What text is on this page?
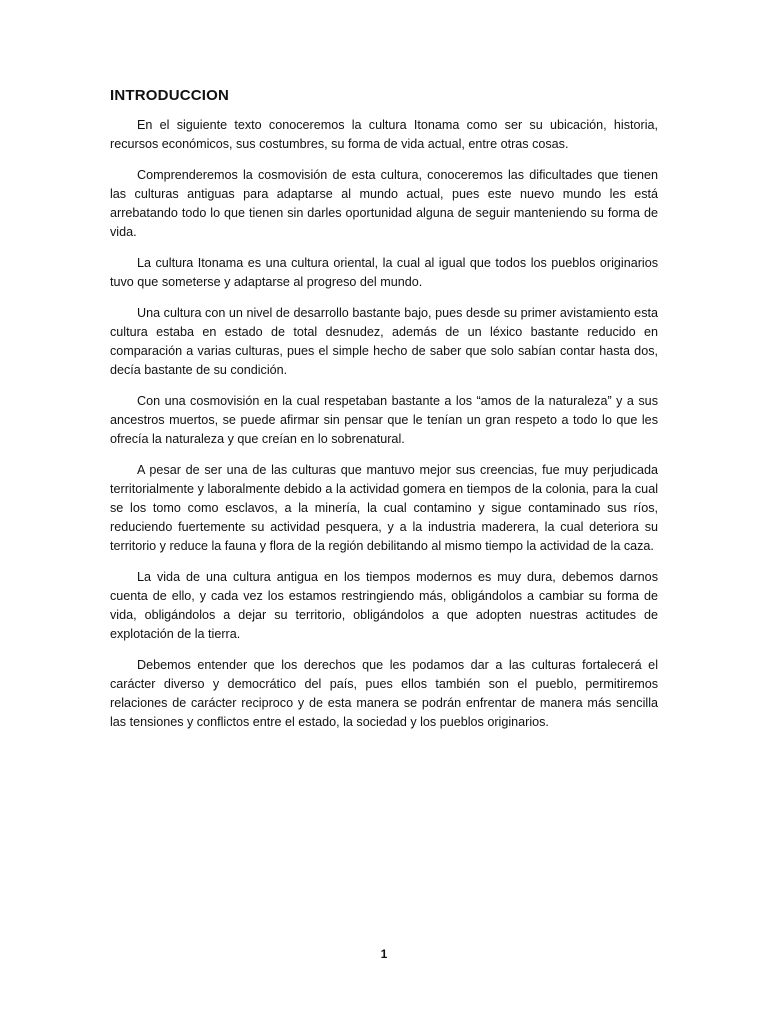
INTRODUCCION

En el siguiente texto conoceremos la cultura Itonama como ser su ubicación, historia, recursos económicos, sus costumbres, su forma de vida actual, entre otras cosas.

Comprenderemos la cosmovisión de esta cultura, conoceremos las dificultades que tienen las culturas antiguas para adaptarse al mundo actual, pues este nuevo mundo les está arrebatando todo lo que tienen sin darles oportunidad alguna de seguir manteniendo su forma de vida.

La cultura Itonama es una cultura oriental, la cual al igual que todos los pueblos originarios tuvo que someterse y adaptarse al progreso del mundo.

Una cultura con un nivel de desarrollo bastante bajo, pues desde su primer avistamiento esta cultura estaba en estado de total desnudez, además de un léxico bastante reducido en comparación a varias culturas, pues el simple hecho de saber que solo sabían contar hasta dos, decía bastante de su condición.

Con una cosmovisión en la cual respetaban bastante a los “amos de la naturaleza” y a sus ancestros muertos, se puede afirmar sin pensar que le tenían un gran respeto a todo lo que les ofrecía la naturaleza y que creían en lo sobrenatural.

A pesar de ser una de las culturas que mantuvo mejor sus creencias, fue muy perjudicada territorialmente y laboralmente debido a la actividad gomera en tiempos de la colonia, para la cual se los tomo como esclavos, a la minería, la cual contamino y sigue contaminado sus ríos, reduciendo fuertemente su actividad pesquera, y a la industria maderera, la cual deteriora su territorio y reduce la fauna y flora de la región debilitando al mismo tiempo la actividad de la caza.

La vida de una cultura antigua en los tiempos modernos es muy dura, debemos darnos cuenta de ello, y cada vez los estamos restringiendo más, obligándolos a cambiar su forma de vida, obligándolos a dejar su territorio, obligándolos a que adopten nuestras actitudes de explotación de la tierra.

Debemos entender que los derechos que les podamos dar a las culturas fortalecerá el carácter diverso y democrático del país, pues ellos también son el pueblo, permitiremos relaciones de carácter reciproco y de esta manera se podrán enfrentar de manera más sencilla las tensiones y conflictos entre el estado, la sociedad y los pueblos originarios.

1
